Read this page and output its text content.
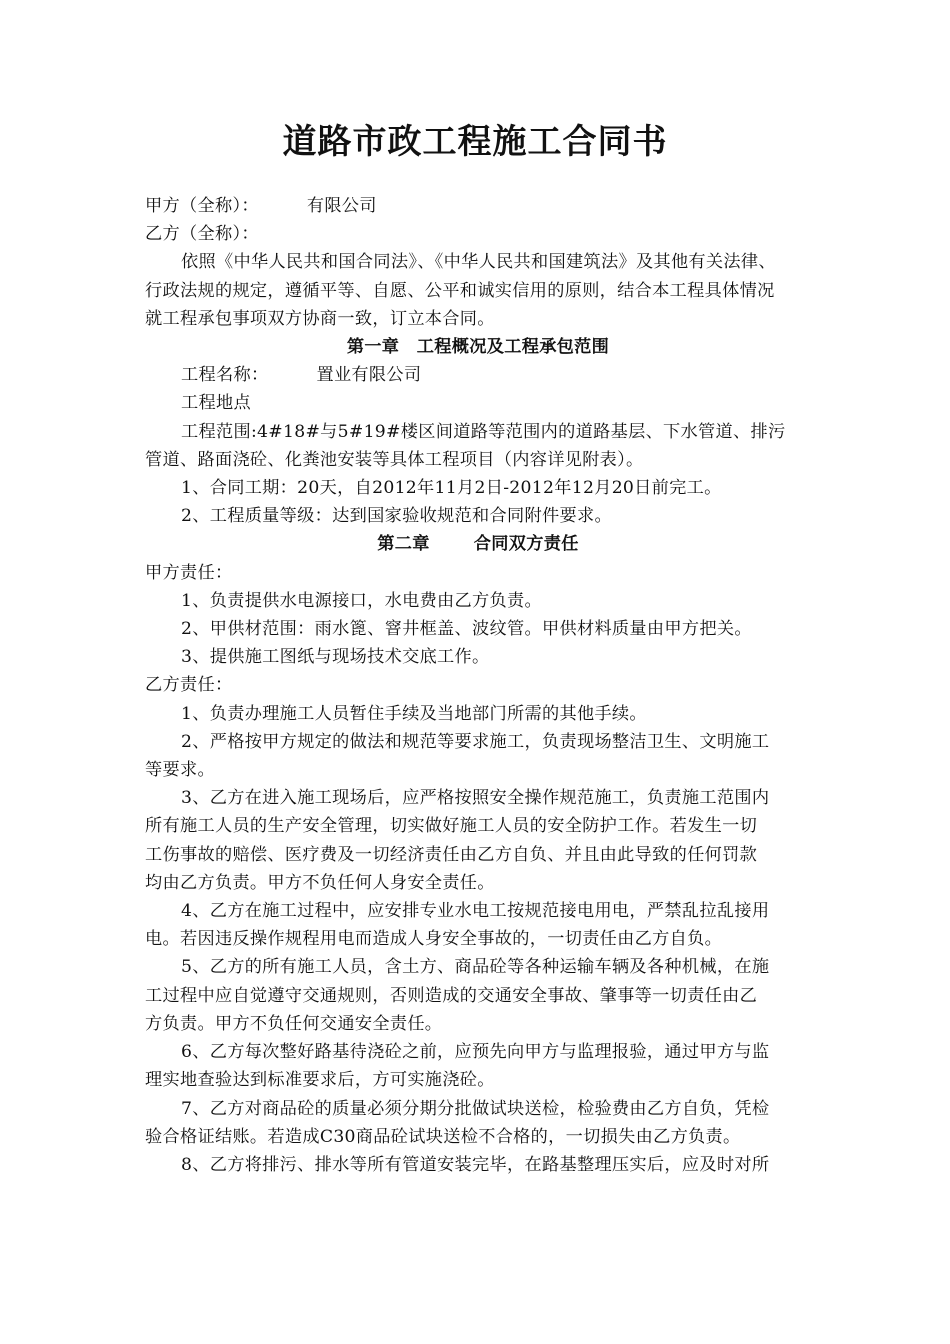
道路市政工程施工合同书

甲方（全称）：	有限公司

乙方（全称）：

依照《中华人民共和国合同法》、《中华人民共和国建筑法》及其他有关法律、

行政法规的规定，遵循平等、自愿、公平和诚实信用的原则，结合本工程具体情况

就工程承包事项双方协商一致，订立本合同。

第一章　工程概况及工程承包范围

工程名称：	置业有限公司

工程地点

工程范围:4#18#与5#19#楼区间道路等范围内的道路基层、下水管道、排污

管道、路面浇砼、化粪池安装等具体工程项目（内容详见附表）。

1、合同工期：20天，自2012年11月2日-2012年12月20日前完工。

2、工程质量等级：达到国家验收规范和合同附件要求。

第二章	合同双方责任

甲方责任：

1、负责提供水电源接口，水电费由乙方负责。

2、甲供材范围：雨水篦、窨井框盖、波纹管。甲供材料质量由甲方把关。

3、提供施工图纸与现场技术交底工作。

乙方责任：

1、负责办理施工人员暂住手续及当地部门所需的其他手续。

2、严格按甲方规定的做法和规范等要求施工，负责现场整洁卫生、文明施工

等要求。

3、乙方在进入施工现场后，应严格按照安全操作规范施工，负责施工范围内

所有施工人员的生产安全管理，切实做好施工人员的安全防护工作。若发生一切

工伤事故的赔偿、医疗费及一切经济责任由乙方自负、并且由此导致的任何罚款

均由乙方负责。甲方不负任何人身安全责任。

4、乙方在施工过程中，应安排专业水电工按规范接电用电，严禁乱拉乱接用

电。若因违反操作规程用电而造成人身安全事故的，一切责任由乙方自负。

5、乙方的所有施工人员，含土方、商品砼等各种运输车辆及各种机械，在施

工过程中应自觉遵守交通规则，否则造成的交通安全事故、肇事等一切责任由乙

方负责。甲方不负任何交通安全责任。

6、乙方每次整好路基待浇砼之前，应预先向甲方与监理报验，通过甲方与监

理实地查验达到标准要求后，方可实施浇砼。

7、乙方对商品砼的质量必须分期分批做试块送检，检验费由乙方自负，凭检

验合格证结账。若造成C30商品砼试块送检不合格的，一切损失由乙方负责。

8、乙方将排污、排水等所有管道安装完毕，在路基整理压实后，应及时对所
